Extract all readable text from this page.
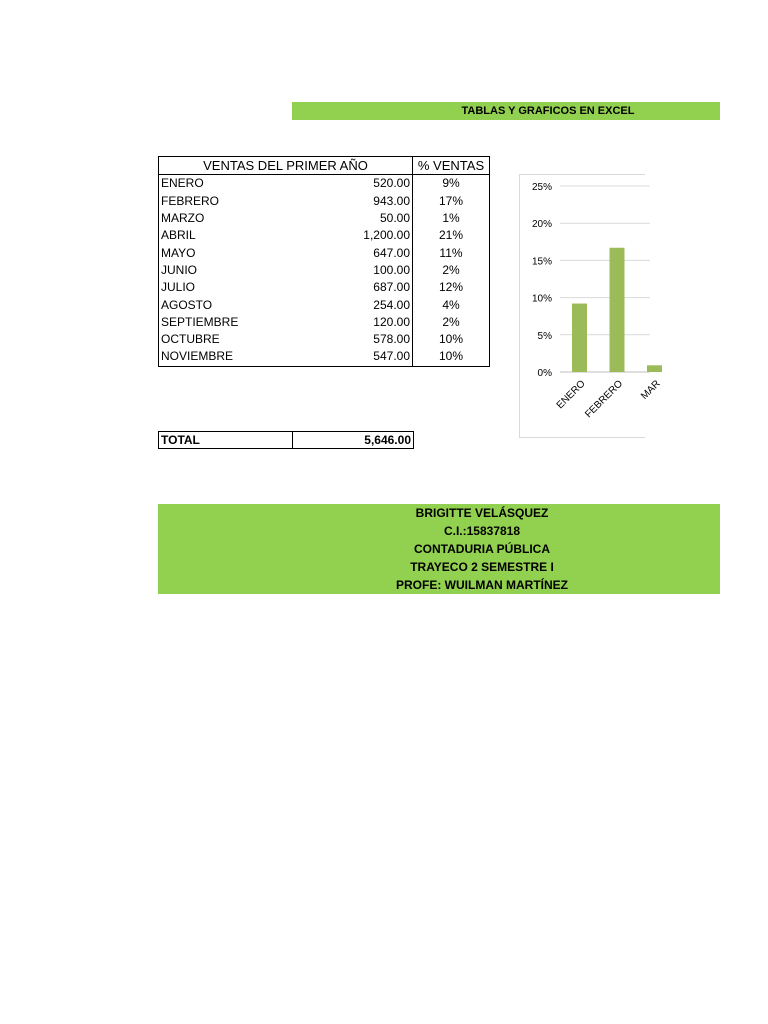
TABLAS Y GRAFICOS EN EXCEL
VENTAS DEL PRIMER AÑO		% VENTAS
ENERO	520.00	9%
FEBRERO	943.00	17%
MARZO	50.00	1%
ABRIL	1,200.00	21%
MAYO	647.00	11%
JUNIO	100.00	2%
JULIO	687.00	12%
AGOSTO	254.00	4%
SEPTIEMBRE	120.00	2%
OCTUBRE	578.00	10%
NOVIEMBRE	547.00	10%
TOTAL	5,646.00
0%
5%
10%
15%
20%
25%
ENERO
FEBRERO MAR
BRIGITTE VELÁSQUEZ
C.I.:15837818
CONTADURIA PÚBLICA
TRAYECO 2 SEMESTRE I
PROFE: WUILMAN MARTÍNEZ
